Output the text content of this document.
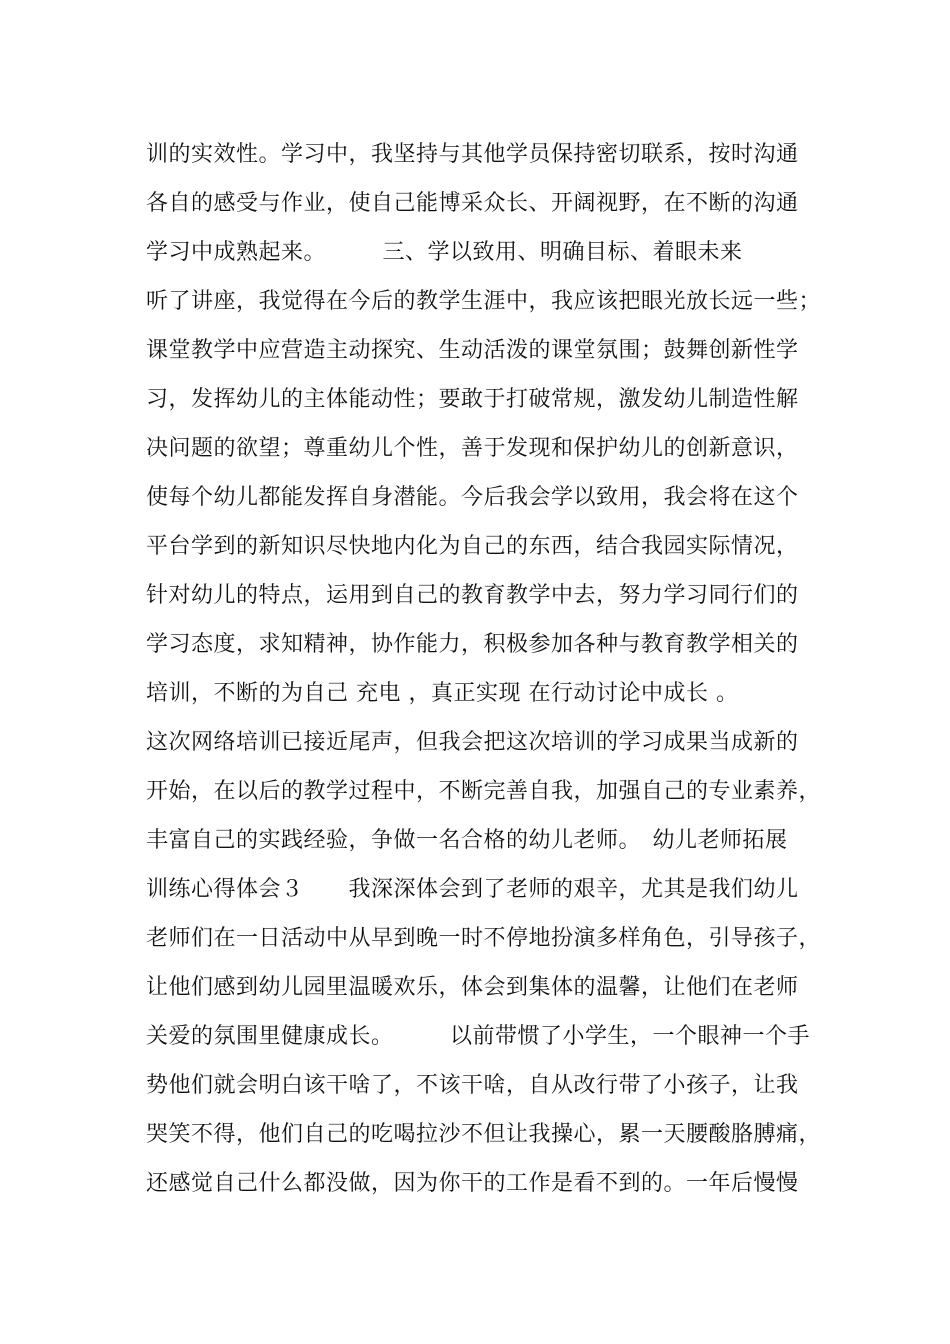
训的实效性。学习中，我坚持与其他学员保持密切联系，按时沟通
各自的感受与作业，使自己能博采众长、开阔视野，在不断的沟通
学习中成熟起来。　　　三、学以致用、明确目标、着眼未来
听了讲座，我觉得在今后的教学生涯中，我应该把眼光放长远一些；
课堂教学中应营造主动探究、生动活泼的课堂氛围；鼓舞创新性学
习，发挥幼儿的主体能动性；要敢于打破常规，激发幼儿制造性解
决问题的欲望；尊重幼儿个性，善于发现和保护幼儿的创新意识，
使每个幼儿都能发挥自身潜能。今后我会学以致用，我会将在这个
平台学到的新知识尽快地内化为自己的东西，结合我园实际情况，
针对幼儿的特点，运用到自己的教育教学中去，努力学习同行们的
学习态度，求知精神，协作能力，积极参加各种与教育教学相关的
培训，不断的为自己 充电 ，真正实现 在行动讨论中成长 。
这次网络培训已接近尾声，但我会把这次培训的学习成果当成新的
开始，在以后的教学过程中，不断完善自我，加强自己的专业素养，
丰富自己的实践经验，争做一名合格的幼儿老师。　幼儿老师拓展
训练心得体会３　　我深深体会到了老师的艰辛，尤其是我们幼儿
老师们在一日活动中从早到晚一时不停地扮演多样角色，引导孩子，
让他们感到幼儿园里温暖欢乐，体会到集体的温馨，让他们在老师
关爱的氛围里健康成长。　　　以前带惯了小学生，一个眼神一个手
势他们就会明白该干啥了，不该干啥，自从改行带了小孩子，让我
哭笑不得，他们自己的吃喝拉沙不但让我操心，累一天腰酸胳膊痛，
还感觉自己什么都没做，因为你干的工作是看不到的。一年后慢慢
